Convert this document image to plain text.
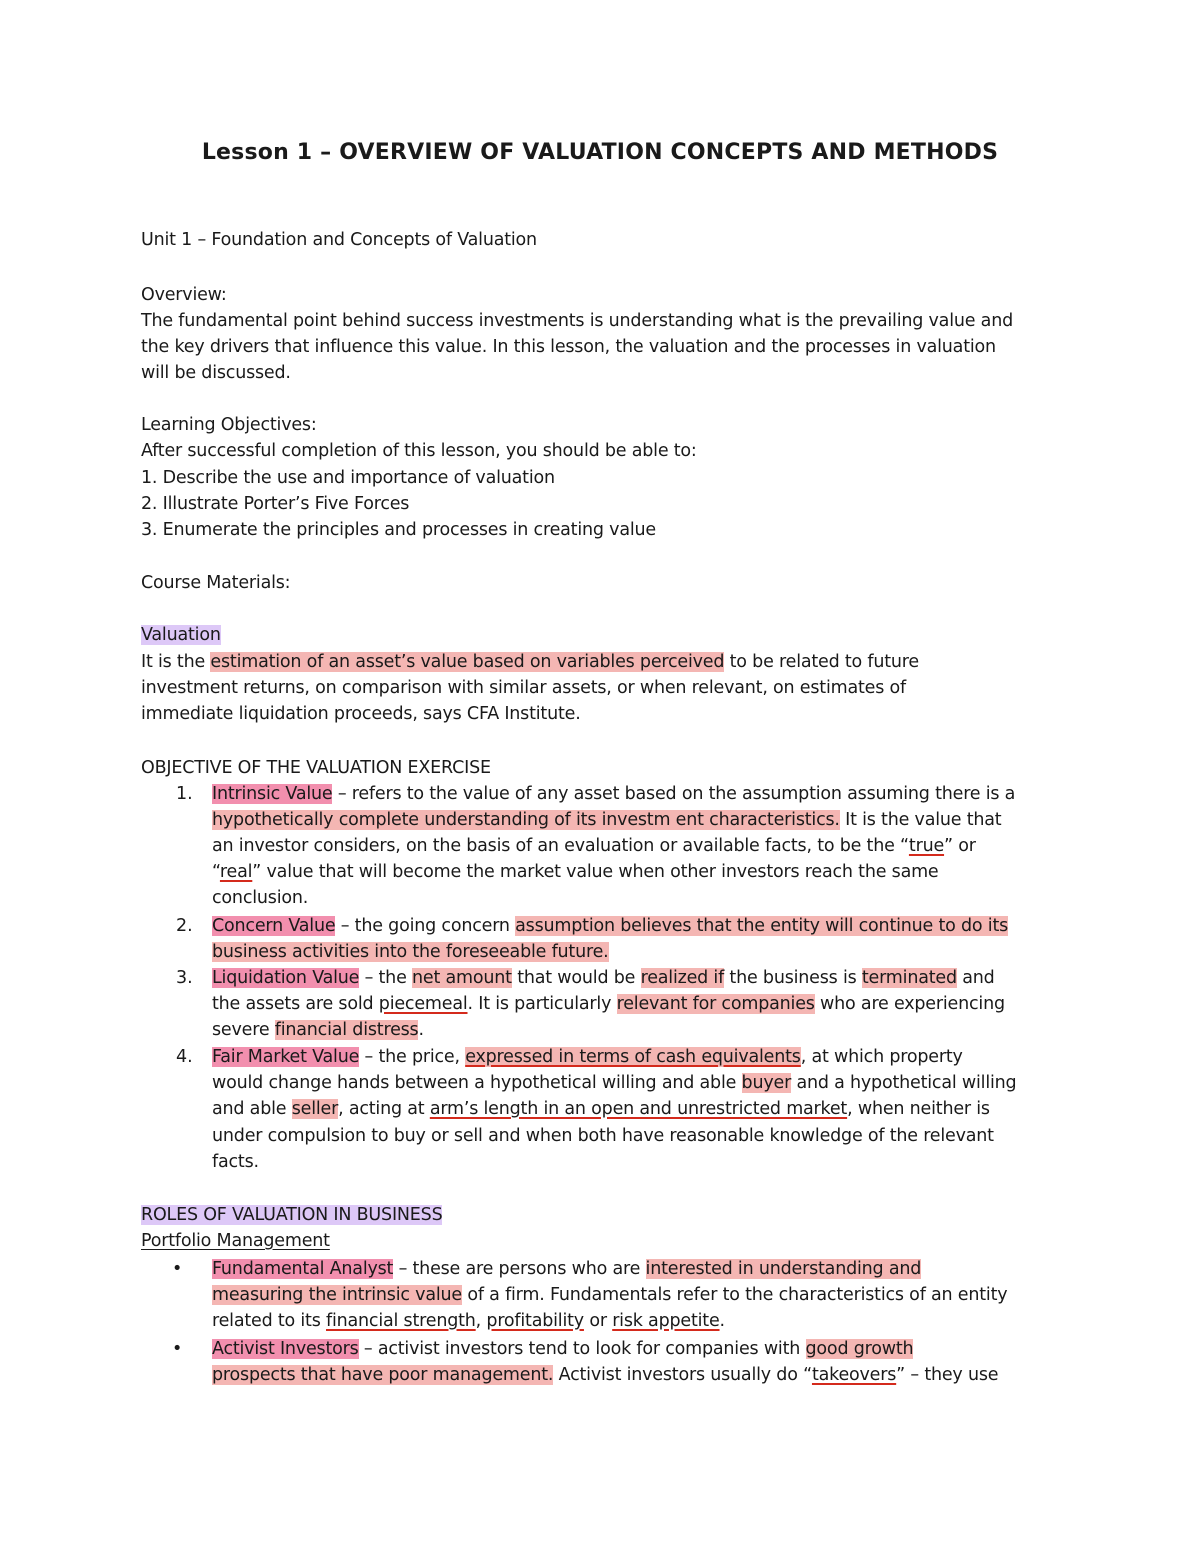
Lesson 1 – OVERVIEW OF VALUATION CONCEPTS AND METHODS
Unit 1 – Foundation and Concepts of Valuation
Overview:
The fundamental point behind success investments is understanding what is the prevailing value and
the key drivers that influence this value. In this lesson, the valuation and the processes in valuation
will be discussed.
Learning Objectives:
After successful completion of this lesson, you should be able to:
1. Describe the use and importance of valuation
2. Illustrate Porter’s Five Forces
3. Enumerate the principles and processes in creating value
Course Materials:
Valuation
It is the estimation of an asset’s value based on variables perceived to be related to future
investment returns, on comparison with similar assets, or when relevant, on estimates of
immediate liquidation proceeds, says CFA Institute.
OBJECTIVE OF THE VALUATION EXERCISE
1. Intrinsic Value – refers to the value of any asset based on the assumption assuming there is a
hypothetically complete understanding of its investm ent characteristics. It is the value that
an investor considers, on the basis of an evaluation or available facts, to be the “true” or
“real” value that will become the market value when other investors reach the same
conclusion.
2. Concern Value – the going concern assumption believes that the entity will continue to do its
business activities into the foreseeable future.
3. Liquidation Value – the net amount that would be realized if the business is terminated and
the assets are sold piecemeal. It is particularly relevant for companies who are experiencing
severe financial distress.
4. Fair Market Value – the price, expressed in terms of cash equivalents, at which property
would change hands between a hypothetical willing and able buyer and a hypothetical willing
and able seller, acting at arm’s length in an open and unrestricted market, when neither is
under compulsion to buy or sell and when both have reasonable knowledge of the relevant
facts.
ROLES OF VALUATION IN BUSINESS
Portfolio Management
• Fundamental Analyst – these are persons who are interested in understanding and
measuring the intrinsic value of a firm. Fundamentals refer to the characteristics of an entity
related to its financial strength, profitability or risk appetite.
• Activist Investors – activist investors tend to look for companies with good growth
prospects that have poor management. Activist investors usually do “takeovers” – they use
